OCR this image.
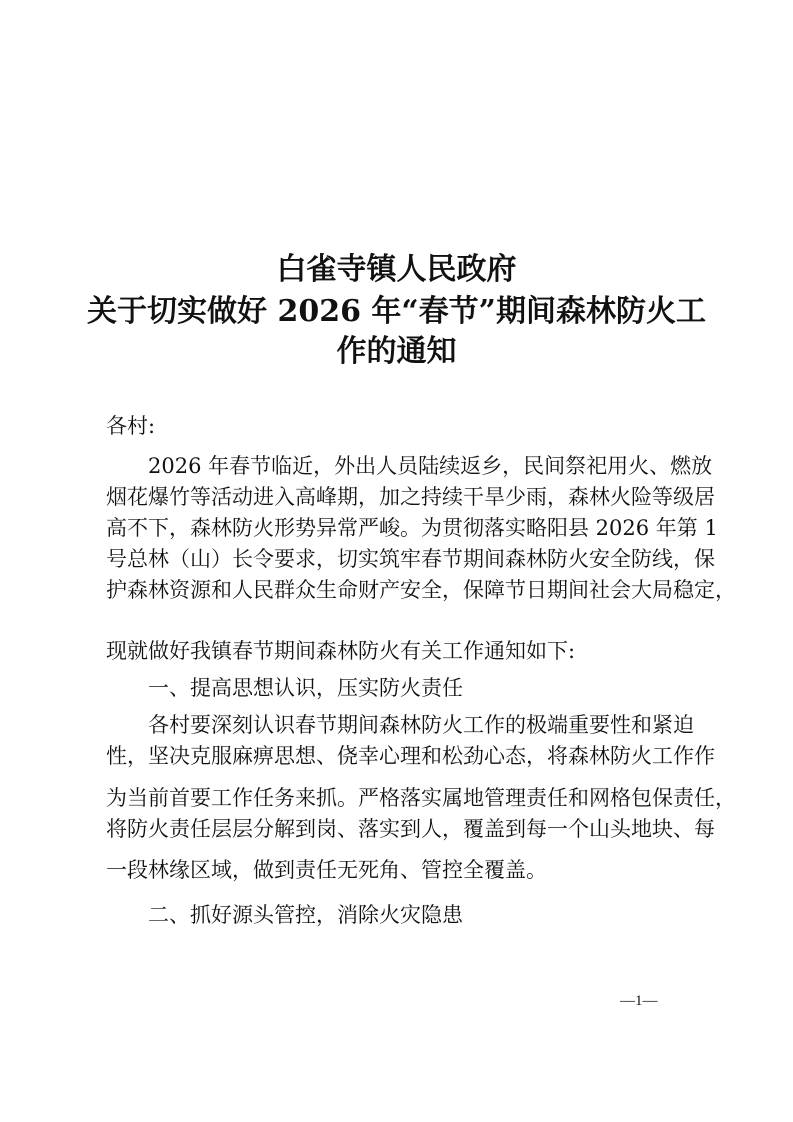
白雀寺镇人民政府
关于切实做好 2026 年“春节”期间森林防火工
作的通知
各村:
2026 年春节临近，外出人员陆续返乡，民间祭祀用火、燃放
烟花爆竹等活动进入高峰期，加之持续干旱少雨，森林火险等级居
高不下，森林防火形势异常严峻。为贯彻落实略阳县 2026 年第 1
号总林（山）长令要求，切实筑牢春节期间森林防火安全防线，保
护森林资源和人民群众生命财产安全，保障节日期间社会大局稳定，
现就做好我镇春节期间森林防火有关工作通知如下:
一、提高思想认识，压实防火责任
各村要深刻认识春节期间森林防火工作的极端重要性和紧迫
性，坚决克服麻痹思想、侥幸心理和松劲心态，将森林防火工作作
为当前首要工作任务来抓。严格落实属地管理责任和网格包保责任，
将防火责任层层分解到岗、落实到人，覆盖到每一个山头地块、每
一段林缘区域，做到责任无死角、管控全覆盖。
二、抓好源头管控，消除火灾隐患
—1—
